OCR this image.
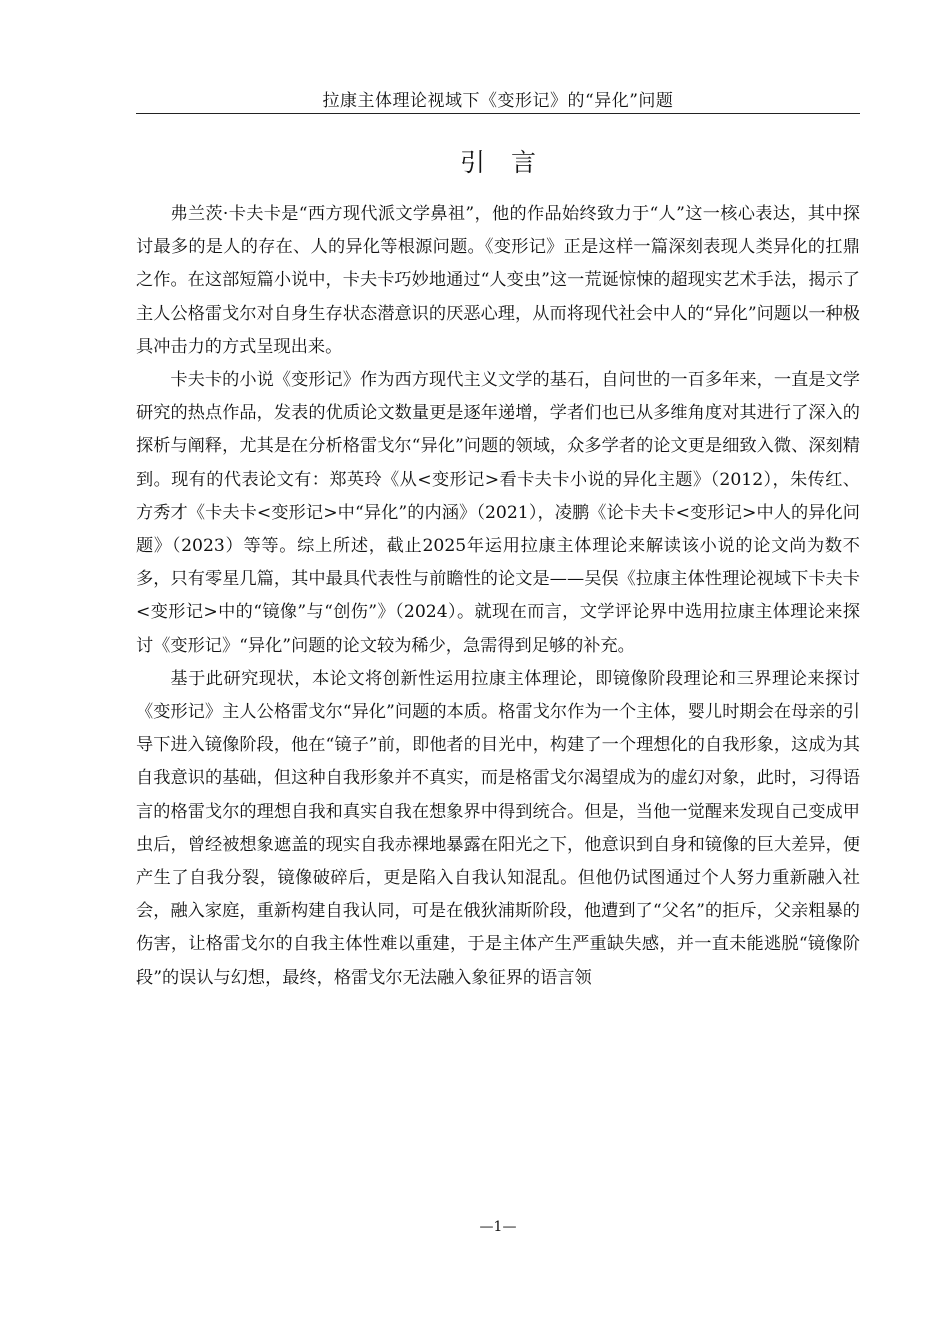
拉康主体理论视域下《变形记》的“异化”问题
引言

弗兰茨·卡夫卡是“西方现代派文学鼻祖”，他的作品始终致力于“人”这一核心表达，其中探讨最多的是人的存在、人的异化等根源问题。《变形记》正是这样一篇深刻表现人类异化的扛鼎之作。在这部短篇小说中，卡夫卡巧妙地通过“人变虫”这一荒诞惊悚的超现实艺术手法，揭示了主人公格雷戈尔对自身生存状态潜意识的厌恶心理，从而将现代社会中人的“异化”问题以一种极具冲击力的方式呈现出来。

卡夫卡的小说《变形记》作为西方现代主义文学的基石，自问世的一百多年来，一直是文学研究的热点作品，发表的优质论文数量更是逐年递增，学者们也已从多维角度对其进行了深入的探析与阐释，尤其是在分析格雷戈尔“异化”问题的领域，众多学者的论文更是细致入微、深刻精到。现有的代表论文有：郑英玲《从<变形记>看卡夫卡小说的异化主题》（2012），朱传红、方秀才《卡夫卡<变形记>中“异化”的内涵》（2021），凌鹏《论卡夫卡<变形记>中人的异化问题》（2023）等等。综上所述，截止2025年运用拉康主体理论来解读该小说的论文尚为数不多，只有零星几篇，其中最具代表性与前瞻性的论文是——吴俣《拉康主体性理论视域下卡夫卡<变形记>中的“镜像”与“创伤”》（2024）。就现在而言，文学评论界中选用拉康主体理论来探讨《变形记》“异化”问题的论文较为稀少，急需得到足够的补充。

基于此研究现状，本论文将创新性运用拉康主体理论，即镜像阶段理论和三界理论来探讨《变形记》主人公格雷戈尔“异化”问题的本质。格雷戈尔作为一个主体，婴儿时期会在母亲的引导下进入镜像阶段，他在“镜子”前，即他者的目光中，构建了一个理想化的自我形象，这成为其自我意识的基础，但这种自我形象并不真实，而是格雷戈尔渴望成为的虚幻对象，此时，习得语言的格雷戈尔的理想自我和真实自我在想象界中得到统合。但是，当他一觉醒来发现自己变成甲虫后，曾经被想象遮盖的现实自我赤裸地暴露在阳光之下，他意识到自身和镜像的巨大差异，便产生了自我分裂，镜像破碎后，更是陷入自我认知混乱。但他仍试图通过个人努力重新融入社会，融入家庭，重新构建自我认同，可是在俄狄浦斯阶段，他遭到了“父名”的拒斥，父亲粗暴的伤害，让格雷戈尔的自我主体性难以重建，于是主体产生严重缺失感，并一直未能逃脱“镜像阶段”的误认与幻想，最终，格雷戈尔无法融入象征界的语言领

—1—
